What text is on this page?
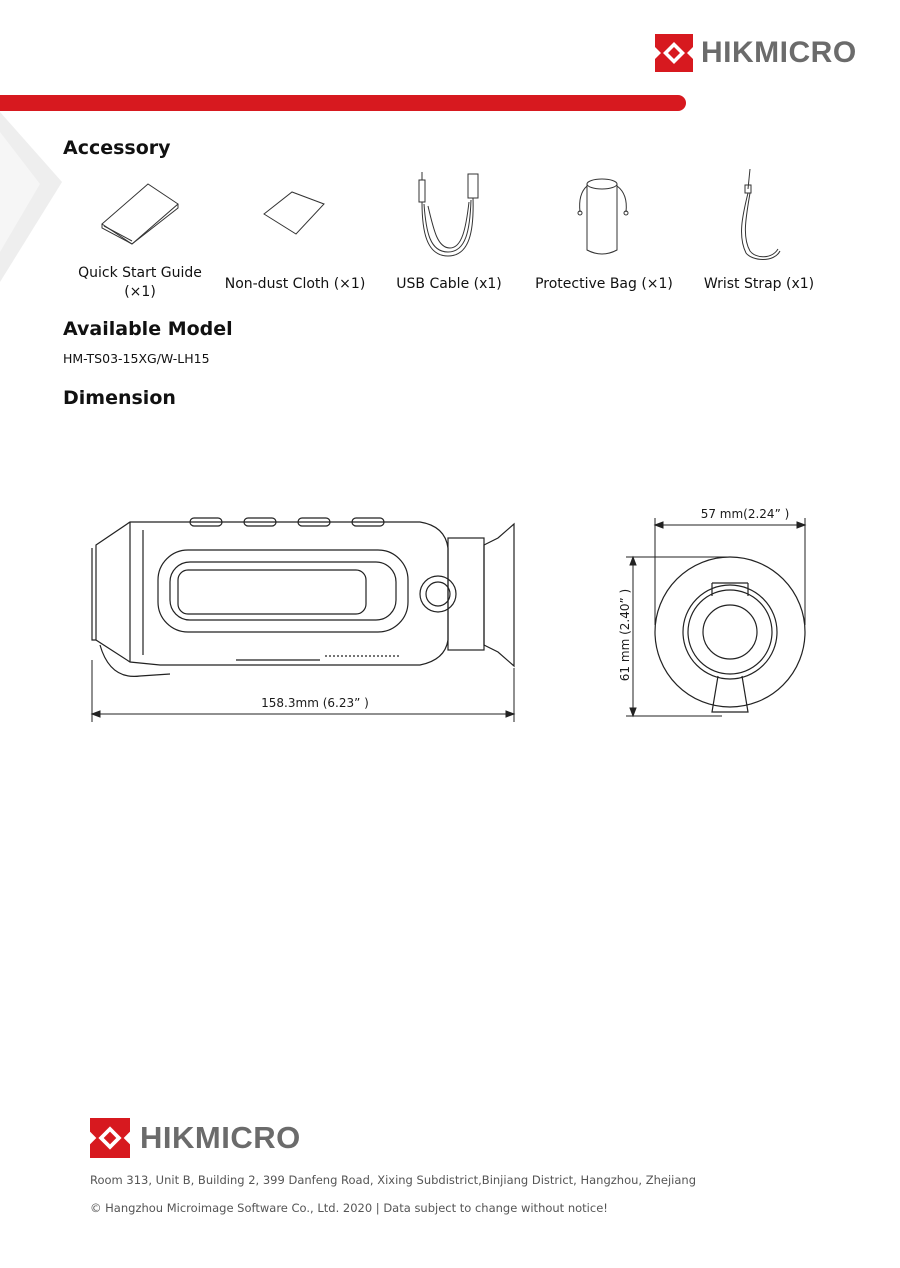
HIKMICRO
Accessory
Quick Start Guide (×1)	Non-dust Cloth (×1)	USB Cable (x1)	Protective Bag (×1)	Wrist Strap (x1)
Available Model
HM-TS03-15XG/W-LH15
Dimension
158.3mm (6.23” )
57 mm(2.24” )
61 mm (2.40” )
HIKMICRO
Room 313, Unit B, Building 2, 399 Danfeng Road, Xixing Subdistrict,Binjiang District, Hangzhou, Zhejiang
© Hangzhou Microimage Software Co., Ltd. 2020 | Data subject to change without notice!
